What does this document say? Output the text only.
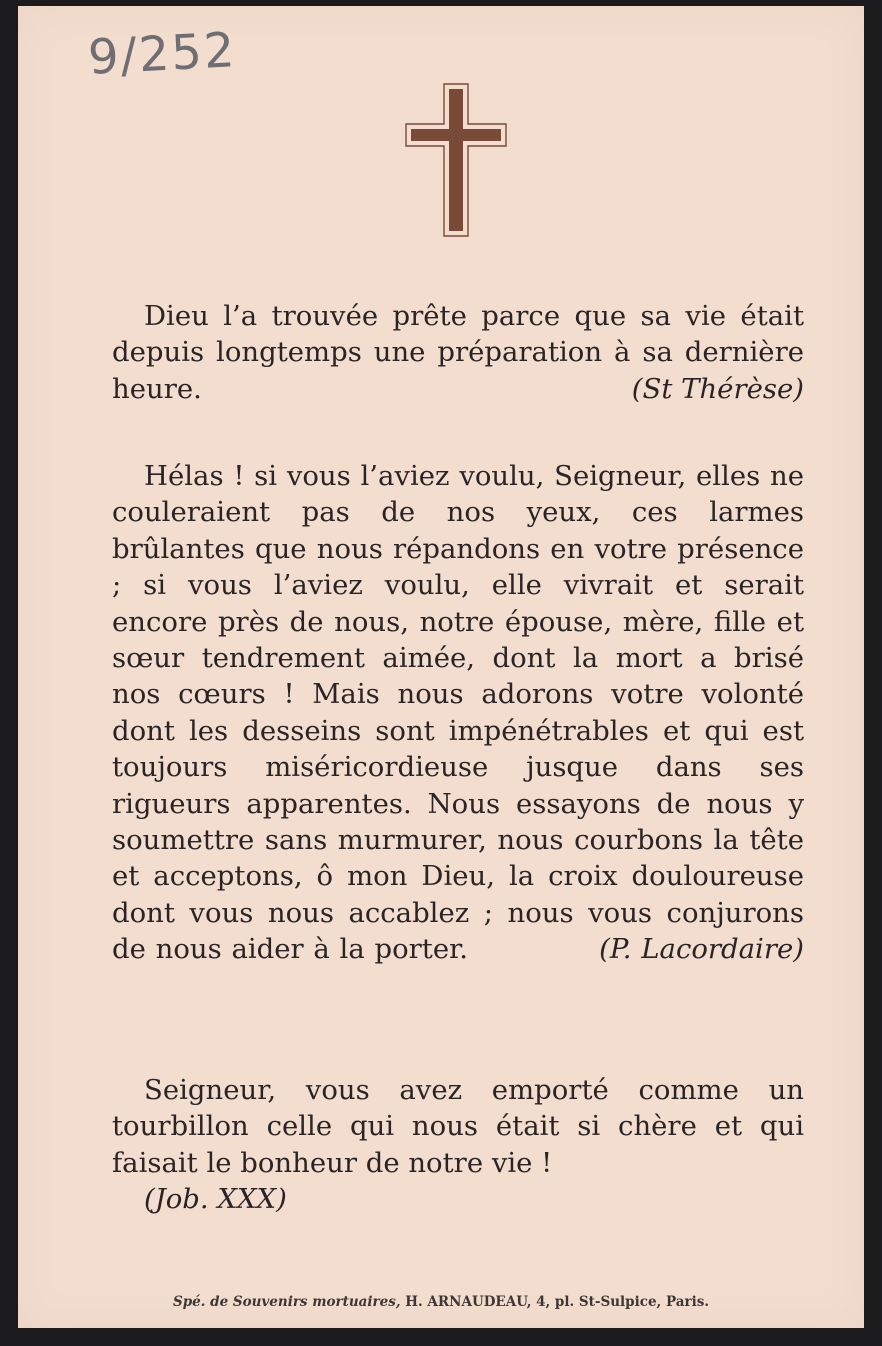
9/252
Dieu l’a trouvée prête parce que sa vie était depuis longtemps une préparation à sa dernière heure.	(St Thérèse)
Hélas ! si vous l’aviez voulu, Seigneur, elles ne couleraient pas de nos yeux, ces larmes brûlantes que nous répandons en votre présence ; si vous l’aviez voulu, elle vivrait et serait encore près de nous, notre épouse, mère, fille et sœur tendrement aimée, dont la mort a brisé nos cœurs ! Mais nous adorons votre volonté dont les desseins sont impénétrables et qui est toujours miséricordieuse jusque dans ses rigueurs apparentes. Nous essayons de nous y soumettre sans murmurer, nous courbons la tête et acceptons, ô mon Dieu, la croix douloureuse dont vous nous accablez ; nous vous conjurons de nous aider à la porter.	(P. Lacordaire)
Seigneur, vous avez emporté comme un tourbillon celle qui nous était si chère et qui faisait le bonheur de notre vie !
(Job. XXX)
Spé. de Souvenirs mortuaires, H. ARNAUDEAU, 4, pl. St-Sulpice, Paris.
